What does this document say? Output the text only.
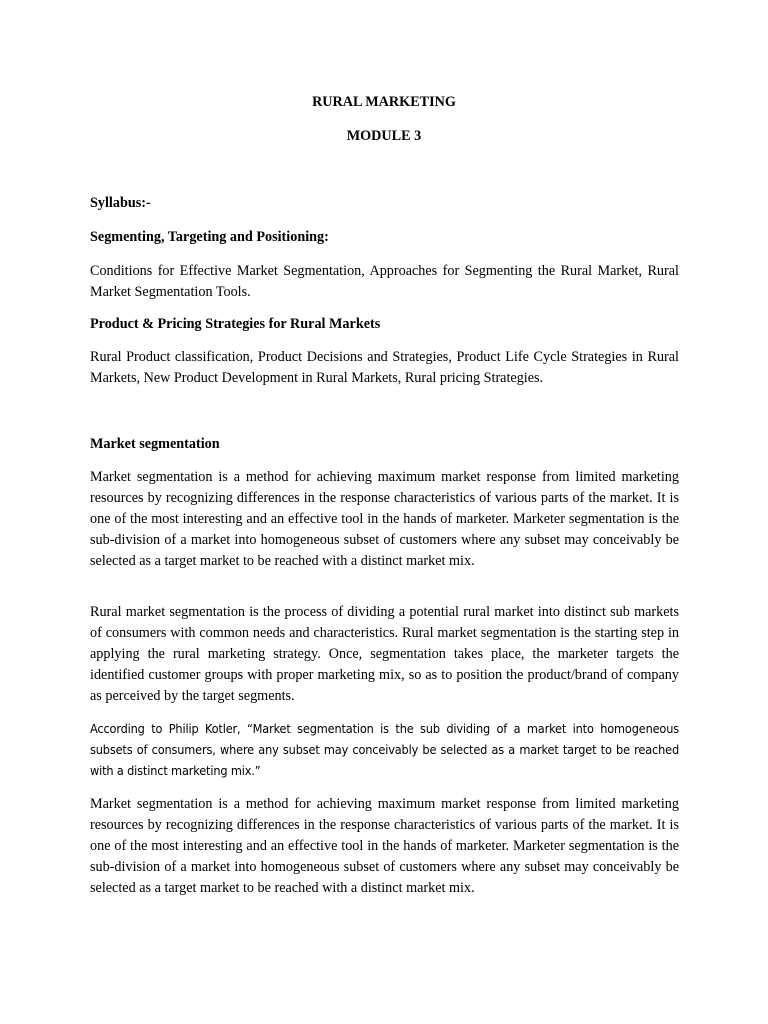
RURAL MARKETING
MODULE 3
Syllabus:-
Segmenting, Targeting and Positioning:

Conditions for Effective Market Segmentation, Approaches for Segmenting the Rural Market, Rural Market Segmentation Tools.

Product & Pricing Strategies for Rural Markets

Rural Product classification, Product Decisions and Strategies, Product Life Cycle Strategies in Rural Markets, New Product Development in Rural Markets, Rural pricing Strategies.

Market segmentation

Market segmentation is a method for achieving maximum market response from limited marketing resources by recognizing differences in the response characteristics of various parts of the market. It is one of the most interesting and an effective tool in the hands of marketer. Marketer segmentation is the sub-division of a market into homogeneous subset of customers where any subset may conceivably be selected as a target market to be reached with a distinct market mix.

Rural market segmentation is the process of dividing a potential rural market into distinct sub markets of consumers with common needs and characteristics. Rural market segmentation is the starting step in applying the rural marketing strategy. Once, segmentation takes place, the marketer targets the identified customer groups with proper marketing mix, so as to position the product/brand of company as perceived by the target segments.

According to Philip Kotler, “Market segmentation is the sub dividing of a market into homogeneous subsets of consumers, where any subset may conceivably be selected as a market target to be reached with a distinct marketing mix.”

Market segmentation is a method for achieving maximum market response from limited marketing resources by recognizing differences in the response characteristics of various parts of the market. It is one of the most interesting and an effective tool in the hands of marketer. Marketer segmentation is the sub-division of a market into homogeneous subset of customers where any subset may conceivably be selected as a target market to be reached with a distinct market mix.
